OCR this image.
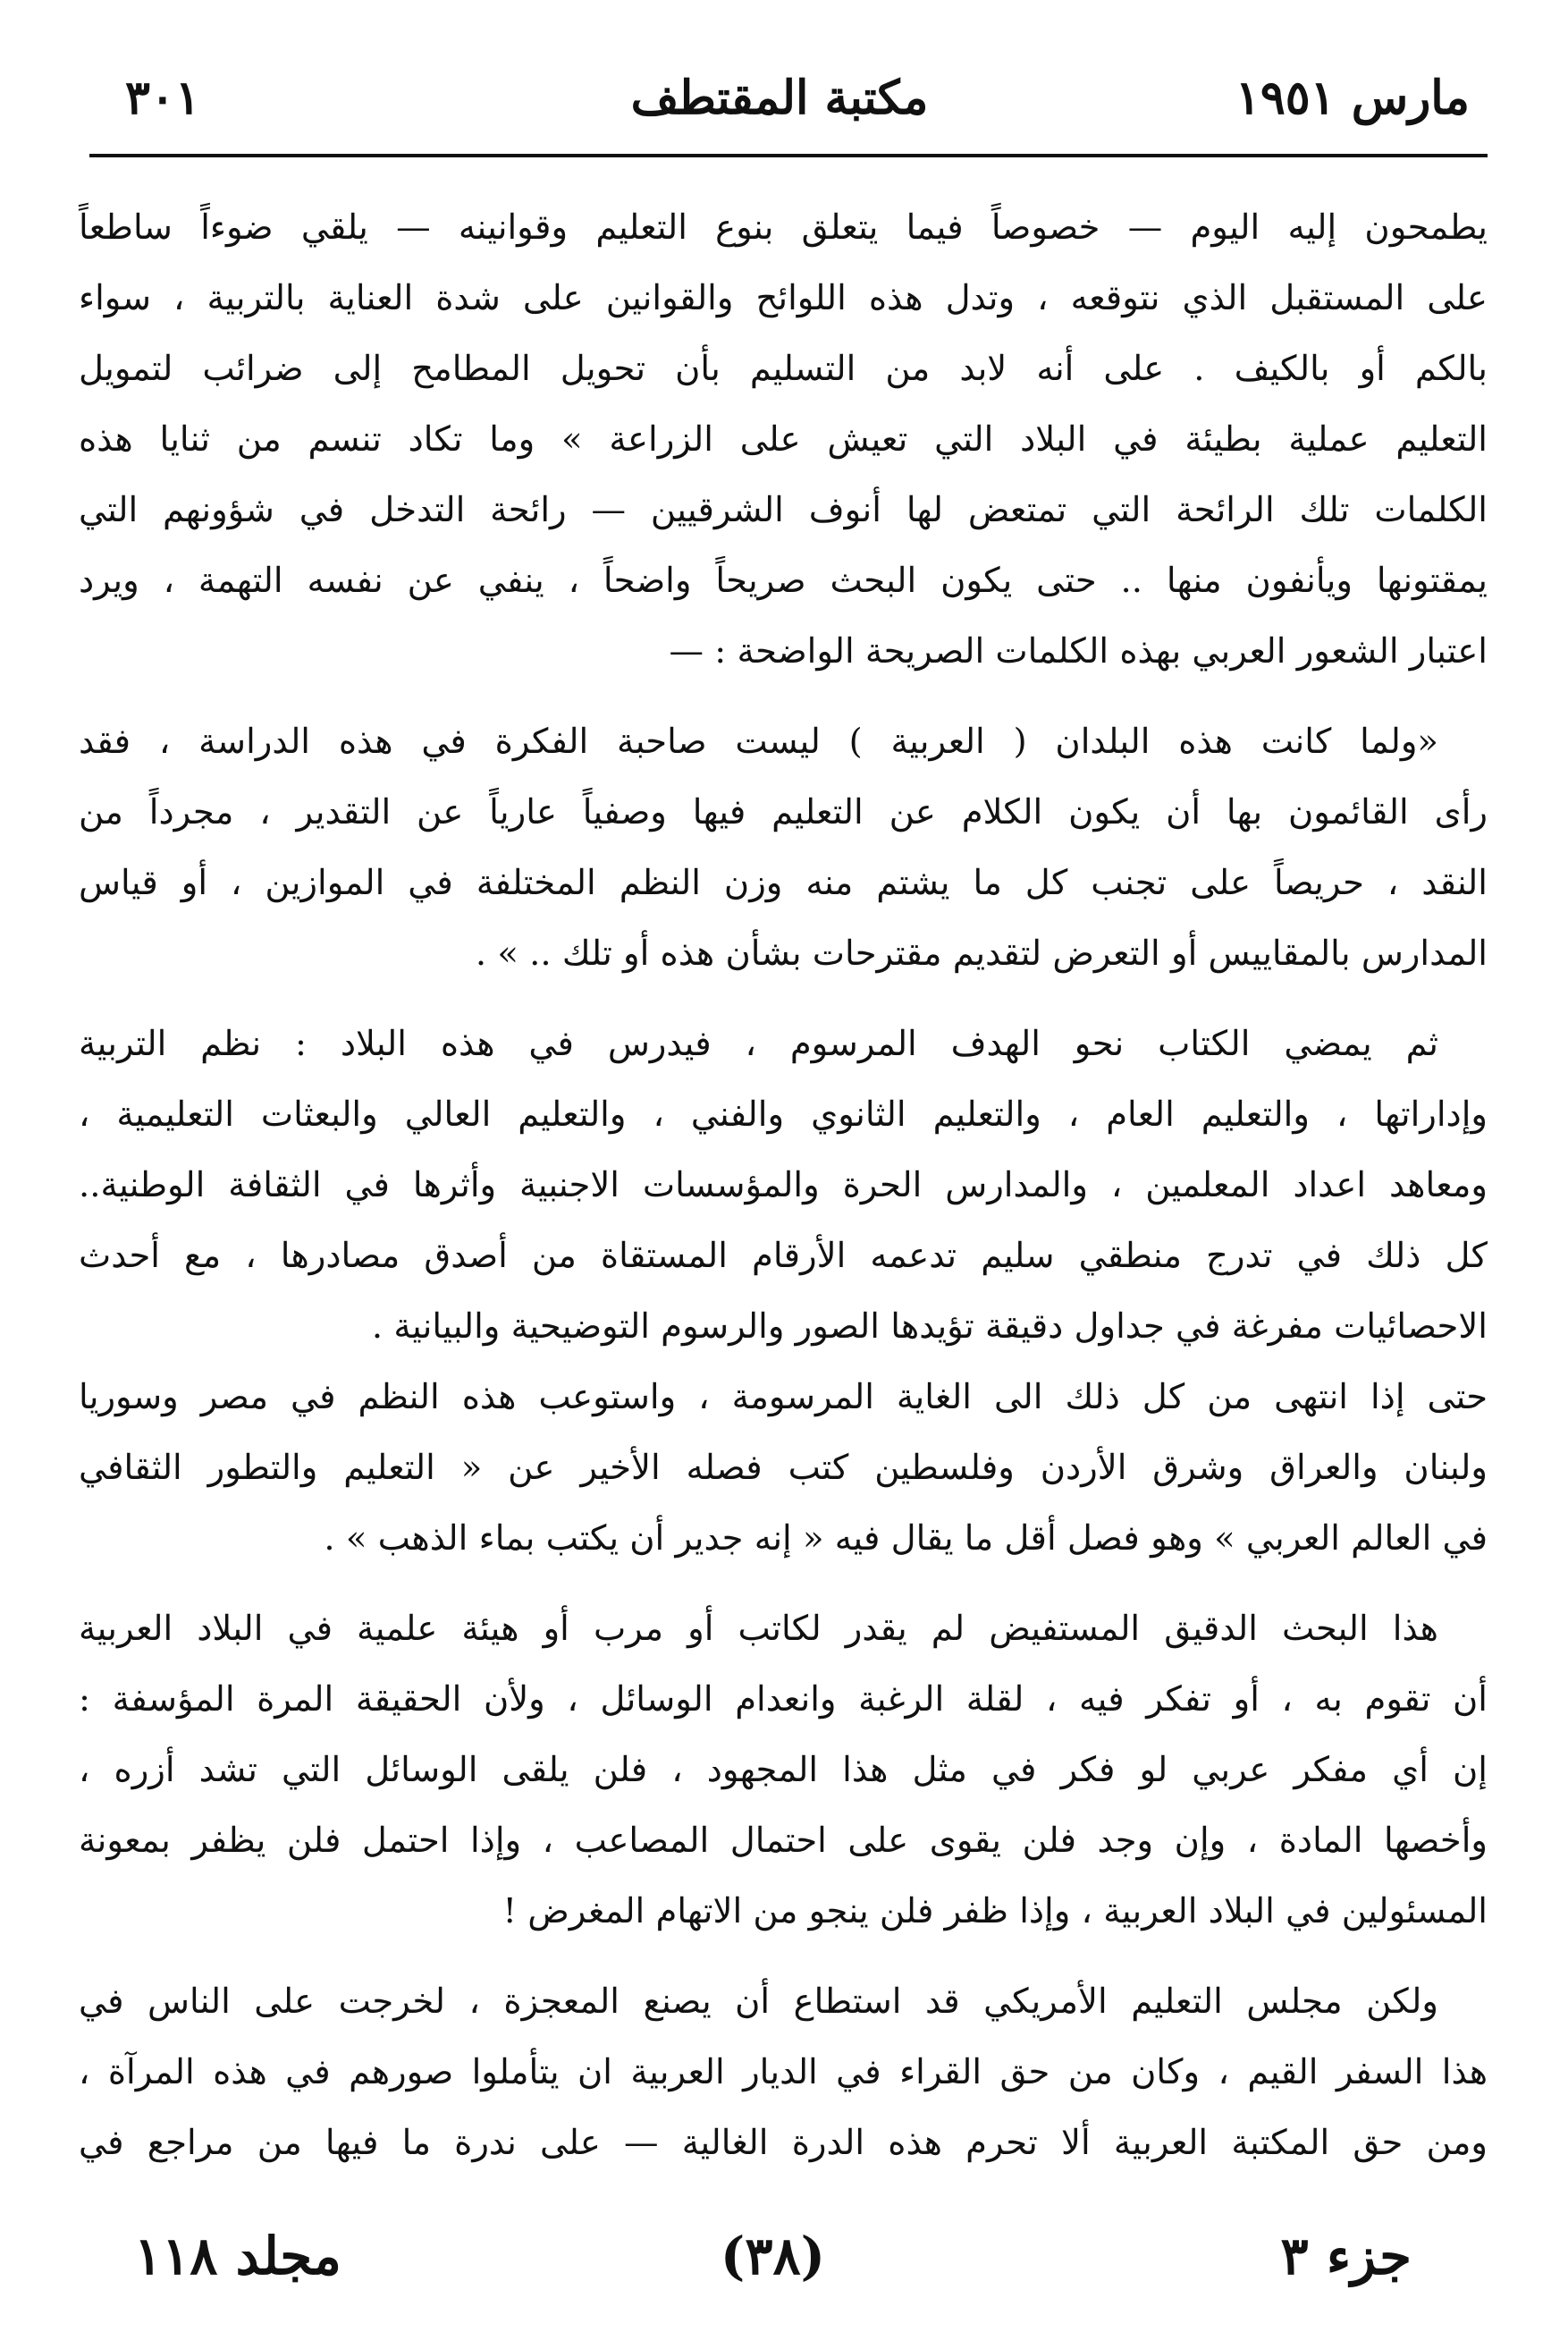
مارس ١٩٥١
مكتبة المقتطف
٣٠١

يطمحون إليه اليوم — خصوصاً فيما يتعلق بنوع التعليم وقوانينه — يلقي ضوءاً ساطعاً
على المستقبل الذي نتوقعه ، وتدل هذه اللوائح والقوانين على شدة العناية بالتربية ، سواء
بالكم أو بالكيف . على أنه لابد من التسليم بأن تحويل المطامح إلى ضرائب لتمويل
التعليم عملية بطيئة في البلاد التي تعيش على الزراعة » وما تكاد تنسم من ثنايا هذه
الكلمات تلك الرائحة التي تمتعض لها أنوف الشرقيين — رائحة التدخل في شؤونهم التي
يمقتونها ويأنفون منها .. حتى يكون البحث صريحاً واضحاً ، ينفي عن نفسه التهمة ، ويرد
اعتبار الشعور العربي بهذه الكلمات الصريحة الواضحة : —

«ولما كانت هذه البلدان ( العربية ) ليست صاحبة الفكرة في هذه الدراسة ، فقد
رأى القائمون بها أن يكون الكلام عن التعليم فيها وصفياً عارياً عن التقدير ، مجرداً من
النقد ، حريصاً على تجنب كل ما يشتم منه وزن النظم المختلفة في الموازين ، أو قياس
المدارس بالمقاييس أو التعرض لتقديم مقترحات بشأن هذه أو تلك .. » .

ثم يمضي الكتاب نحو الهدف المرسوم ، فيدرس في هذه البلاد : نظم التربية
وإداراتها ، والتعليم العام ، والتعليم الثانوي والفني ، والتعليم العالي والبعثات التعليمية ،
ومعاهد اعداد المعلمين ، والمدارس الحرة والمؤسسات الاجنبية وأثرها في الثقافة الوطنية..
كل ذلك في تدرج منطقي سليم تدعمه الأرقام المستقاة من أصدق مصادرها ، مع أحدث
الاحصائيات مفرغة في جداول دقيقة تؤيدها الصور والرسوم التوضيحية والبيانية .
حتى إذا انتهى من كل ذلك الى الغاية المرسومة ، واستوعب هذه النظم في مصر وسوريا
ولبنان والعراق وشرق الأردن وفلسطين كتب فصله الأخير عن « التعليم والتطور الثقافي
في العالم العربي » وهو فصل أقل ما يقال فيه « إنه جدير أن يكتب بماء الذهب » .

هذا البحث الدقيق المستفيض لم يقدر لكاتب أو مرب أو هيئة علمية في البلاد العربية
أن تقوم به ، أو تفكر فيه ، لقلة الرغبة وانعدام الوسائل ، ولأن الحقيقة المرة المؤسفة :
إن أي مفكر عربي لو فكر في مثل هذا المجهود ، فلن يلقى الوسائل التي تشد أزره ،
وأخصها المادة ، وإن وجد فلن يقوى على احتمال المصاعب ، وإذا احتمل فلن يظفر بمعونة
المسئولين في البلاد العربية ، وإذا ظفر فلن ينجو من الاتهام المغرض !

ولكن مجلس التعليم الأمريكي قد استطاع أن يصنع المعجزة ، لخرجت على الناس في
هذا السفر القيم ، وكان من حق القراء في الديار العربية ان يتأملوا صورهم في هذه المرآة ،
ومن حق المكتبة العربية ألا تحرم هذه الدرة الغالية — على ندرة ما فيها من مراجع في

جزء ٣
(٣٨)
مجلد ١١٨
